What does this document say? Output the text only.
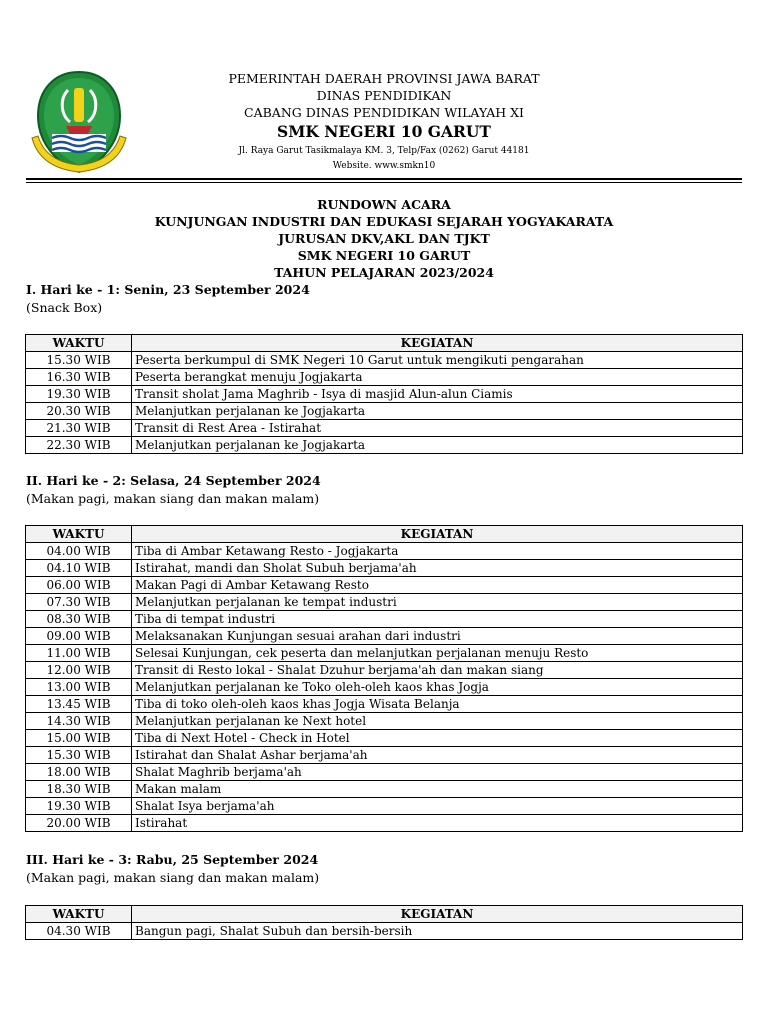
PEMERINTAH DAERAH PROVINSI JAWA BARAT
DINAS PENDIDIKAN
CABANG DINAS PENDIDIKAN WILAYAH XI
SMK NEGERI 10 GARUT
Jl. Raya Garut Tasikmalaya KM. 3, Telp/Fax (0262) Garut 44181
Website. www.smkn10
RUNDOWN ACARA
KUNJUNGAN INDUSTRI DAN EDUKASI SEJARAH YOGYAKARATA
JURUSAN DKV,AKL DAN TJKT
SMK NEGERI 10 GARUT
TAHUN PELAJARAN 2023/2024
I. Hari ke - 1: Senin, 23 September 2024
(Snack Box)
WAKTU	KEGIATAN
15.30 WIB	Peserta berkumpul di SMK Negeri 10 Garut untuk mengikuti pengarahan
16.30 WIB	Peserta berangkat menuju Jogjakarta
19.30 WIB	Transit sholat Jama Maghrib - Isya di masjid Alun-alun Ciamis
20.30 WIB	Melanjutkan perjalanan ke Jogjakarta
21.30 WIB	Transit di Rest Area - Istirahat
22.30 WIB	Melanjutkan perjalanan ke Jogjakarta
II. Hari ke - 2: Selasa, 24 September 2024
(Makan pagi, makan siang dan makan malam)
WAKTU	KEGIATAN
04.00 WIB	Tiba di Ambar Ketawang Resto - Jogjakarta
04.10 WIB	Istirahat, mandi dan Sholat Subuh berjama'ah
06.00 WIB	Makan Pagi di Ambar Ketawang Resto
07.30 WIB	Melanjutkan perjalanan ke tempat industri
08.30 WIB	Tiba di tempat industri
09.00 WIB	Melaksanakan Kunjungan sesuai arahan dari industri
11.00 WIB	Selesai Kunjungan, cek peserta dan melanjutkan perjalanan menuju Resto
12.00 WIB	Transit di Resto lokal - Shalat Dzuhur berjama'ah dan makan siang
13.00 WIB	Melanjutkan perjalanan ke Toko oleh-oleh kaos khas Jogja
13.45 WIB	Tiba di toko oleh-oleh kaos khas Jogja Wisata Belanja
14.30 WIB	Melanjutkan perjalanan ke Next hotel
15.00 WIB	Tiba di Next Hotel - Check in Hotel
15.30 WIB	Istirahat dan Shalat Ashar berjama'ah
18.00 WIB	Shalat Maghrib berjama'ah
18.30 WIB	Makan malam
19.30 WIB	Shalat Isya berjama'ah
20.00 WIB	Istirahat
III. Hari ke - 3: Rabu, 25 September 2024
(Makan pagi, makan siang dan makan malam)
WAKTU	KEGIATAN
04.30 WIB	Bangun pagi, Shalat Subuh dan bersih-bersih
